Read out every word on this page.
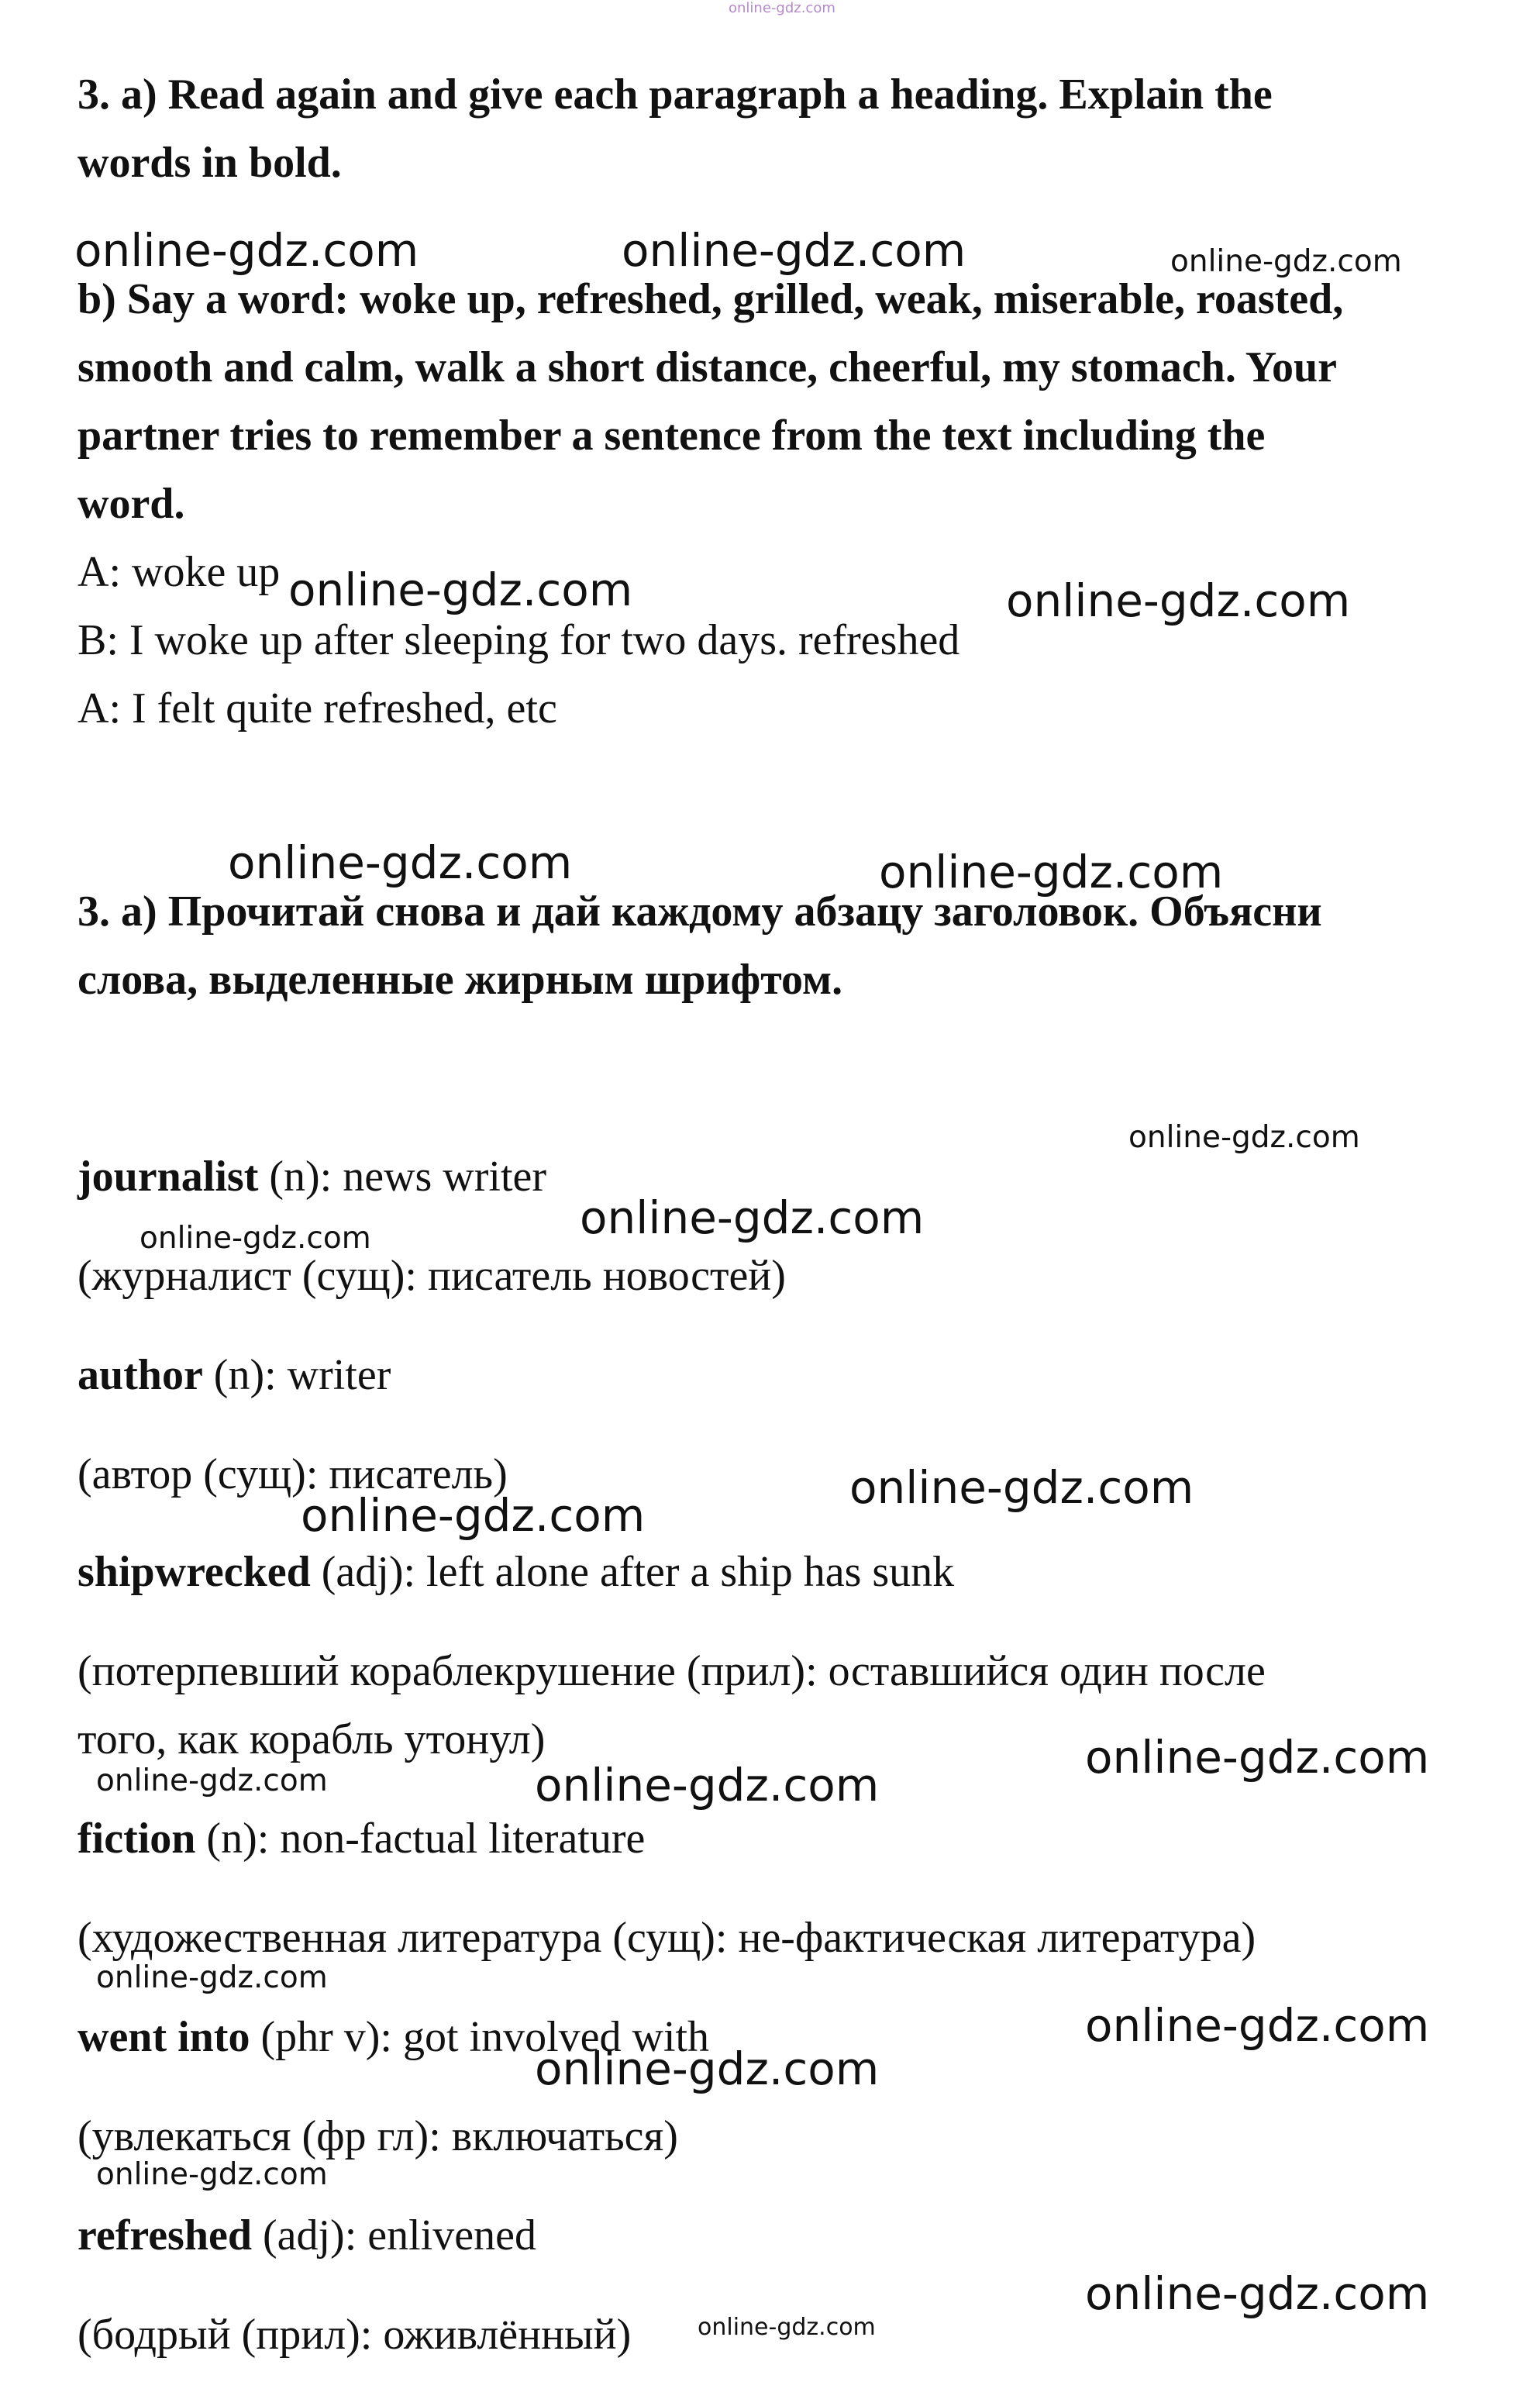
online-gdz.com
3. a) Read again and give each paragraph a heading. Explain the
words in bold.
b) Say a word: woke up, refreshed, grilled, weak, miserable, roasted,
smooth and calm, walk a short distance, cheerful, my stomach. Your
partner tries to remember a sentence from the text including the
word.
A: woke up
B: I woke up after sleeping for two days. refreshed
A: I felt quite refreshed, etc
3. а) Прочитай снова и дай каждому абзацу заголовок. Объясни
слова, выделенные жирным шрифтом.
journalist (n): news writer
(журналист (сущ): писатель новостей)
author (n): writer
(автор (сущ): писатель)
shipwrecked (adj): left alone after a ship has sunk
(потерпевший кораблекрушение (прил): оставшийся один после
того, как корабль утонул)
fiction (n): non-factual literature
(художественная литература (сущ): не-фактическая литература)
went into (phr v): got involved with
(увлекаться (фр гл): включаться)
refreshed (adj): enlivened
(бодрый (прил): оживлённый)
online-gdz.com	online-gdz.com	online-gdz.com
online-gdz.com	online-gdz.com
online-gdz.com	online-gdz.com
online-gdz.com
online-gdz.com
online-gdz.com
online-gdz.com
online-gdz.com
online-gdz.com	online-gdz.com
online-gdz.com
online-gdz.com
online-gdz.com
online-gdz.com
online-gdz.com
online-gdz.com
online-gdz.com
